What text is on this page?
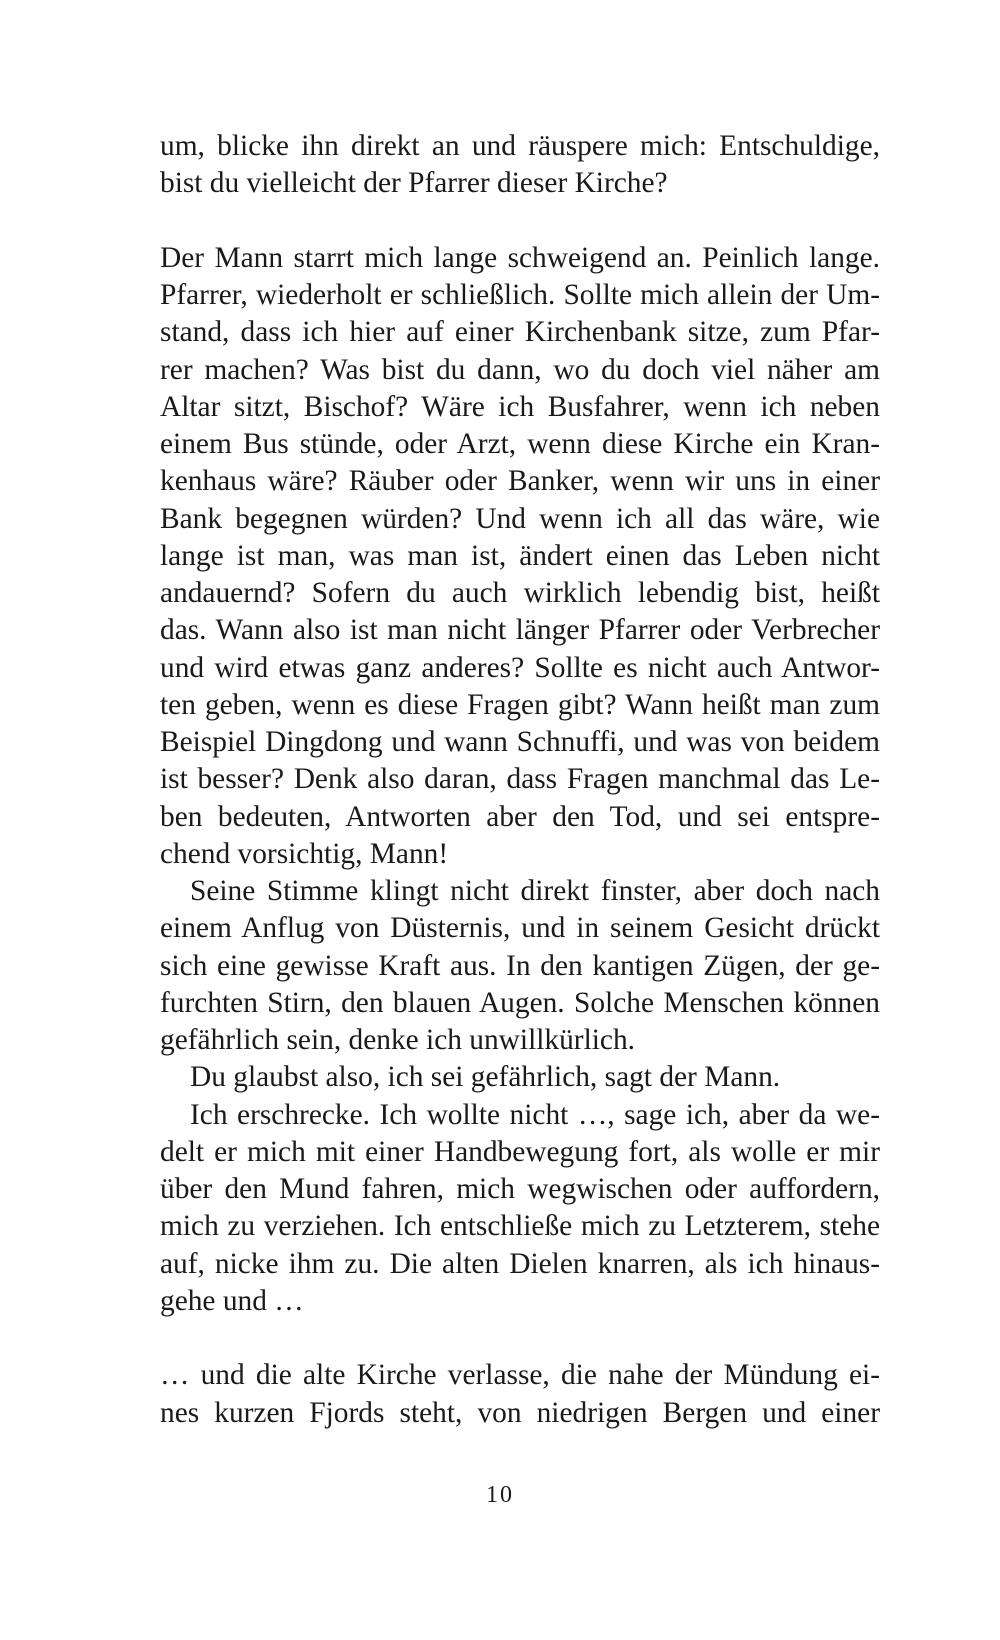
um, blicke ihn direkt an und räuspere mich: Entschuldige,
bist du vielleicht der Pfarrer dieser Kirche?
Der Mann starrt mich lange schweigend an. Peinlich lange.
Pfarrer, wiederholt er schließlich. Sollte mich allein der Um-
stand, dass ich hier auf einer Kirchenbank sitze, zum Pfar-
rer machen? Was bist du dann, wo du doch viel näher am
Altar sitzt, Bischof? Wäre ich Busfahrer, wenn ich neben
einem Bus stünde, oder Arzt, wenn diese Kirche ein Kran-
kenhaus wäre? Räuber oder Banker, wenn wir uns in einer
Bank begegnen würden? Und wenn ich all das wäre, wie
lange ist man, was man ist, ändert einen das Leben nicht
andauernd? Sofern du auch wirklich lebendig bist, heißt
das. Wann also ist man nicht länger Pfarrer oder Verbrecher
und wird etwas ganz anderes? Sollte es nicht auch Antwor-
ten geben, wenn es diese Fragen gibt? Wann heißt man zum
Beispiel Dingdong und wann Schnuffi, und was von beidem
ist besser? Denk also daran, dass Fragen manchmal das Le-
ben bedeuten, Antworten aber den Tod, und sei entspre-
chend vorsichtig, Mann!
Seine Stimme klingt nicht direkt finster, aber doch nach
einem Anflug von Düsternis, und in seinem Gesicht drückt
sich eine gewisse Kraft aus. In den kantigen Zügen, der ge-
furchten Stirn, den blauen Augen. Solche Menschen können
gefährlich sein, denke ich unwillkürlich.
Du glaubst also, ich sei gefährlich, sagt der Mann.
Ich erschrecke. Ich wollte nicht …, sage ich, aber da we-
delt er mich mit einer Handbewegung fort, als wolle er mir
über den Mund fahren, mich wegwischen oder auffordern,
mich zu verziehen. Ich entschließe mich zu Letzterem, stehe
auf, nicke ihm zu. Die alten Dielen knarren, als ich hinaus-
gehe und …
… und die alte Kirche verlasse, die nahe der Mündung ei-
nes kurzen Fjords steht, von niedrigen Bergen und einer
10
